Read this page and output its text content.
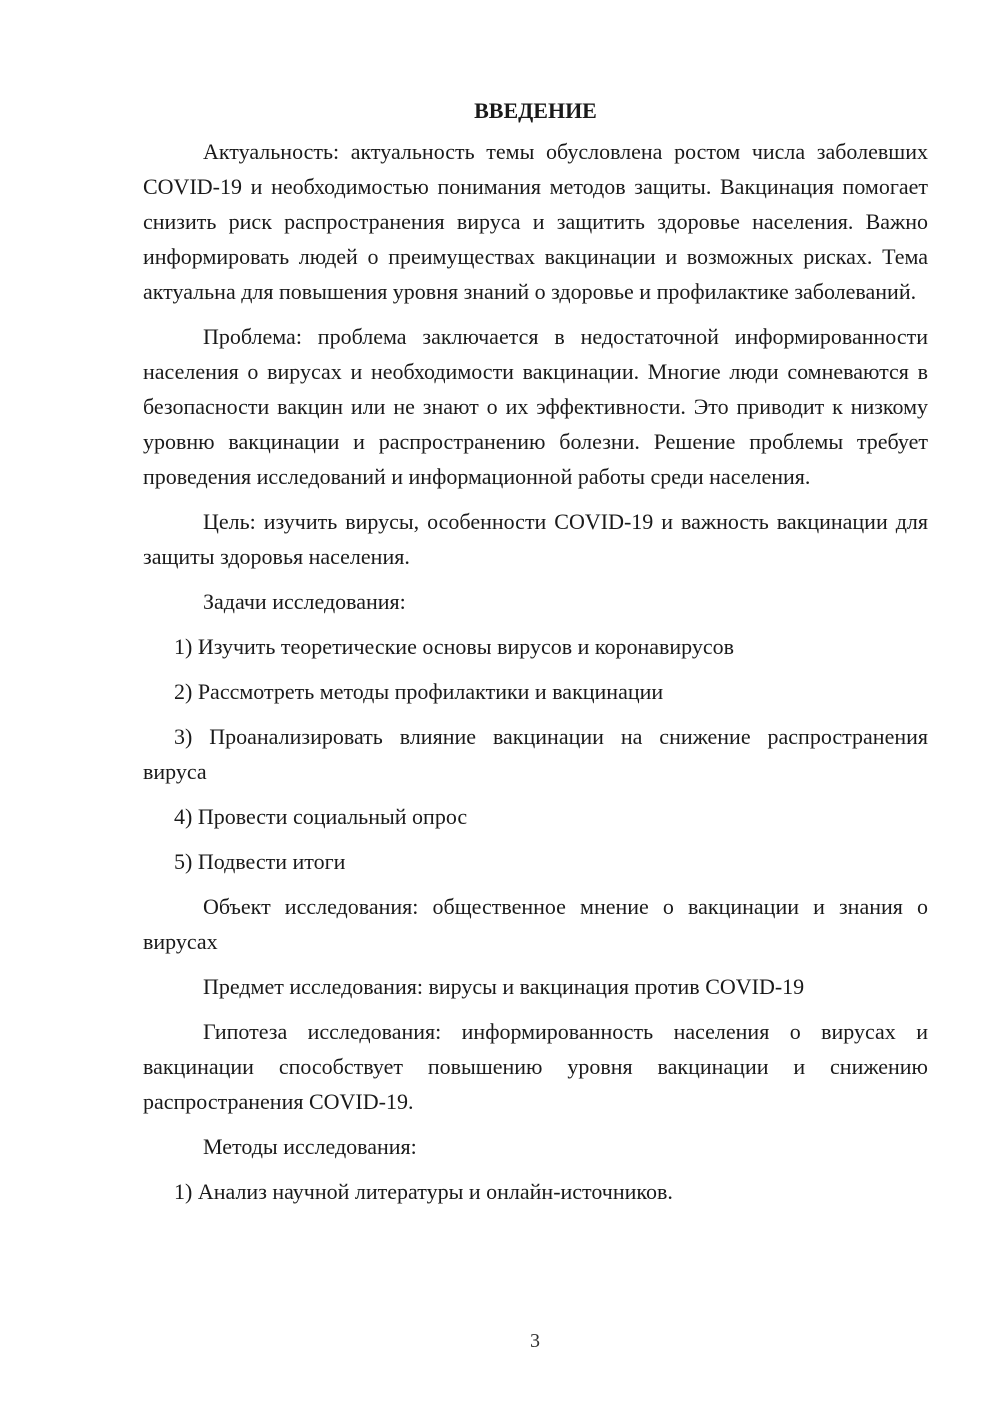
ВВЕДЕНИЕ

Актуальность: актуальность темы обусловлена ростом числа заболевших COVID-19 и необходимостью понимания методов защиты. Вакцинация помогает снизить риск распространения вируса и защитить здоровье населения. Важно информировать людей о преимуществах вакцинации и возможных рисках. Тема актуальна для повышения уровня знаний о здоровье и профилактике заболеваний.

Проблема: проблема заключается в недостаточной информированности населения о вирусах и необходимости вакцинации. Многие люди сомневаются в безопасности вакцин или не знают о их эффективности. Это приводит к низкому уровню вакцинации и распространению болезни. Решение проблемы требует проведения исследований и информационной работы среди населения.

Цель: изучить вирусы, особенности COVID-19 и важность вакцинации для защиты здоровья населения.

Задачи исследования:

1) Изучить теоретические основы вирусов и коронавирусов

2) Рассмотреть методы профилактики и вакцинации

3) Проанализировать влияние вакцинации на снижение распространения вируса

4) Провести социальный опрос

5) Подвести итоги

Объект исследования: общественное мнение о вакцинации и знания о вирусах

Предмет исследования: вирусы и вакцинация против COVID-19

Гипотеза исследования: информированность населения о вирусах и вакцинации способствует повышению уровня вакцинации и снижению распространения COVID-19.

Методы исследования:

1) Анализ научной литературы и онлайн-источников.

3
